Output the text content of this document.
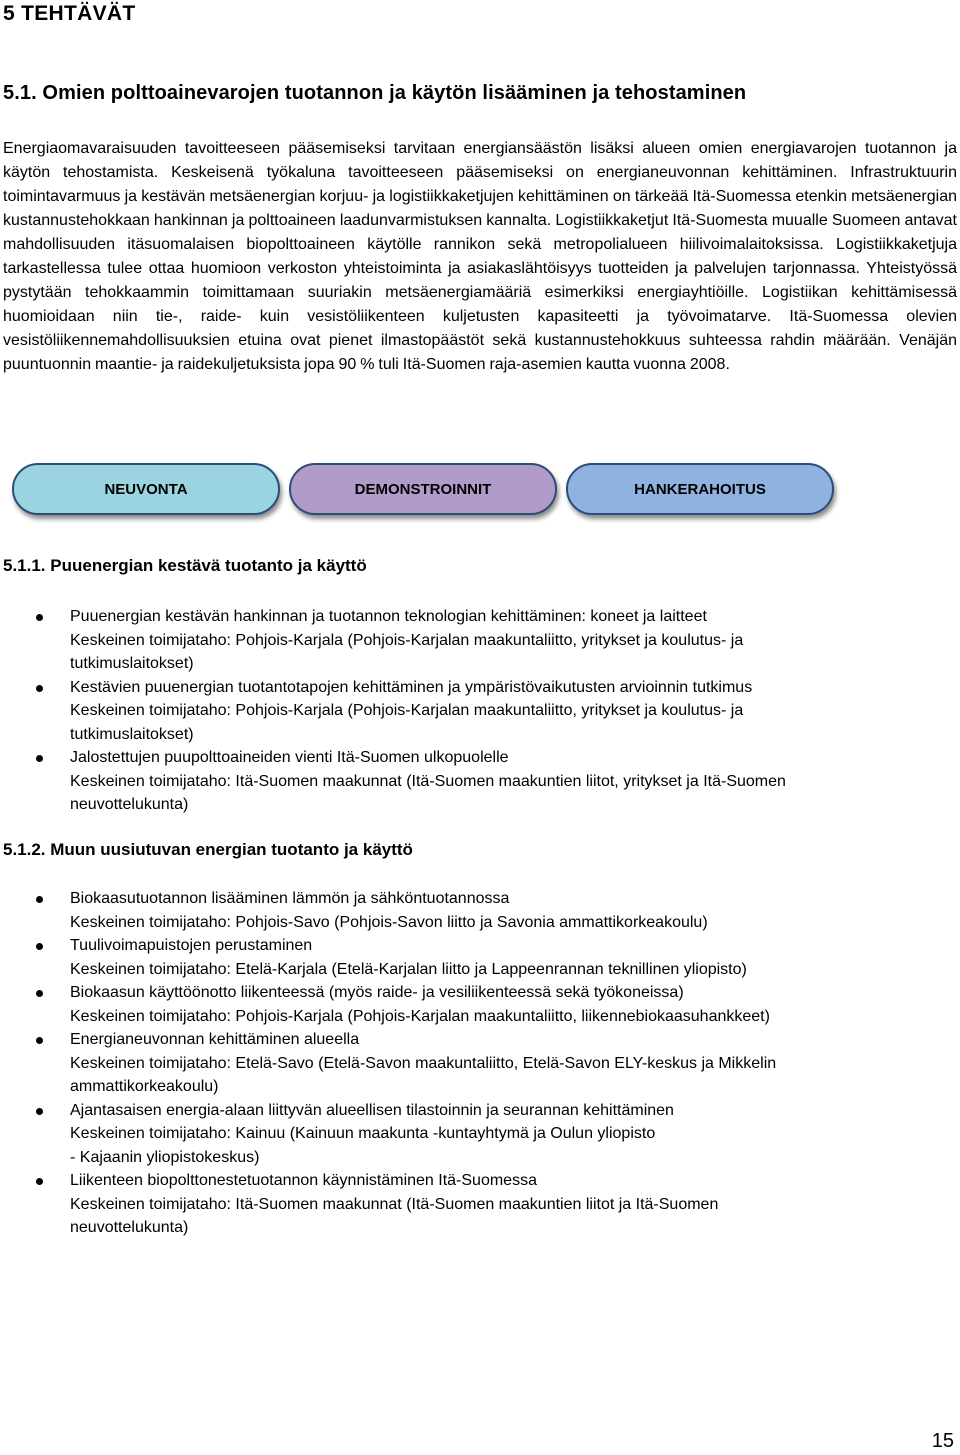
5 TEHTÄVÄT
5.1. Omien polttoainevarojen tuotannon ja käytön lisääminen ja tehostaminen
Energiaomavaraisuuden tavoitteeseen pääsemiseksi tarvitaan energiansäästön lisäksi alueen omien energiavarojen tuotannon ja käytön tehostamista. Keskeisenä työkaluna tavoitteeseen pääsemiseksi on energianeuvonnan kehittäminen. Infrastruktuurin toimintavarmuus ja kestävän metsäenergian korjuu- ja logistiikkaketjujen kehittäminen on tärkeää Itä-Suomessa etenkin metsäenergian kustannustehokkaan hankinnan ja polttoaineen laadunvarmistuksen kannalta. Logistiikkaketjut Itä-Suomesta muualle Suomeen antavat mahdollisuuden itäsuomalaisen biopolttoaineen käytölle rannikon sekä metropolialueen hiilivoimalaitoksissa. Logistiikkaketjuja tarkastellessa tulee ottaa huomioon verkoston yhteistoiminta ja asiakaslähtöisyys tuotteiden ja palvelujen tarjonnassa. Yhteistyössä pystytään tehokkaammin toimittamaan suuriakin metsäenergiamääriä esimerkiksi energiayhtiöille. Logistiikan kehittämisessä huomioidaan niin tie-, raide- kuin vesistöliikenteen kuljetusten kapasiteetti ja työvoimatarve. Itä-Suomessa olevien vesistöliikennemahdollisuuksien etuina ovat pienet ilmastopäästöt sekä kustannustehokkuus suhteessa rahdin määrään. Venäjän puuntuonnin maantie- ja raidekuljetuksista jopa 90 % tuli Itä-Suomen raja-asemien kautta vuonna 2008.
NEUVONTA	DEMONSTROINNIT	HANKERAHOITUS
5.1.1. Puuenergian kestävä tuotanto ja käyttö
Puuenergian kestävän hankinnan ja tuotannon teknologian kehittäminen: koneet ja laitteet
Keskeinen toimijataho: Pohjois-Karjala (Pohjois-Karjalan maakuntaliitto, yritykset ja koulutus- ja
tutkimuslaitokset)
Kestävien puuenergian tuotantotapojen kehittäminen ja ympäristövaikutusten arvioinnin tutkimus
Keskeinen toimijataho: Pohjois-Karjala (Pohjois-Karjalan maakuntaliitto, yritykset ja koulutus- ja
tutkimuslaitokset)
Jalostettujen puupolttoaineiden vienti Itä-Suomen ulkopuolelle
Keskeinen toimijataho: Itä-Suomen maakunnat (Itä-Suomen maakuntien liitot, yritykset ja Itä-Suomen
neuvottelukunta)
5.1.2. Muun uusiutuvan energian tuotanto ja käyttö
Biokaasutuotannon lisääminen lämmön ja sähköntuotannossa
Keskeinen toimijataho: Pohjois-Savo (Pohjois-Savon liitto ja Savonia ammattikorkeakoulu)
Tuulivoimapuistojen perustaminen
Keskeinen toimijataho: Etelä-Karjala (Etelä-Karjalan liitto ja Lappeenrannan teknillinen yliopisto)
Biokaasun käyttöönotto liikenteessä (myös raide- ja vesiliikenteessä sekä työkoneissa)
Keskeinen toimijataho: Pohjois-Karjala (Pohjois-Karjalan maakuntaliitto, liikennebiokaasuhankkeet)
Energianeuvonnan kehittäminen alueella
Keskeinen toimijataho: Etelä-Savo (Etelä-Savon maakuntaliitto, Etelä-Savon ELY-keskus ja Mikkelin
ammattikorkeakoulu)
Ajantasaisen energia-alaan liittyvän alueellisen tilastoinnin ja seurannan kehittäminen
Keskeinen toimijataho: Kainuu (Kainuun maakunta -kuntayhtymä ja Oulun yliopisto
- Kajaanin yliopistokeskus)
Liikenteen biopolttonestetuotannon käynnistäminen Itä-Suomessa
Keskeinen toimijataho: Itä-Suomen maakunnat (Itä-Suomen maakuntien liitot ja Itä-Suomen
neuvottelukunta)
15
